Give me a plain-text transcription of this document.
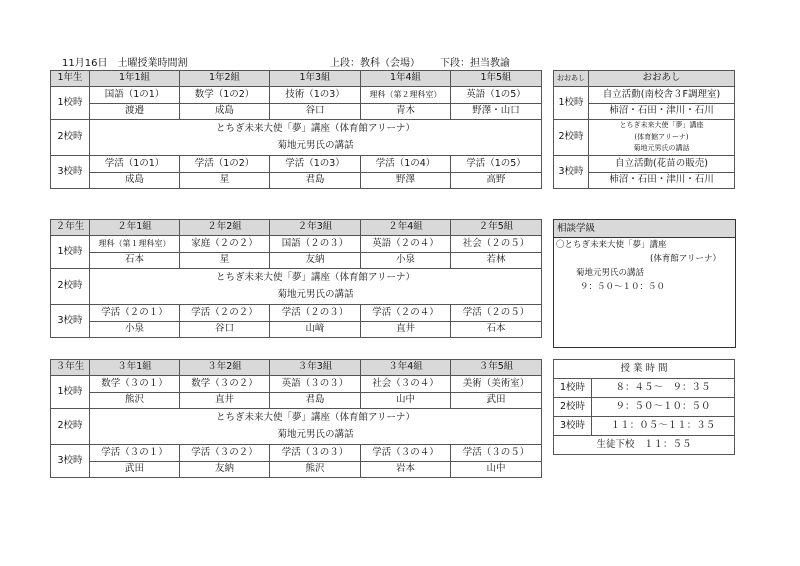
11月16日　土曜授業時間割	上段：教科（会場） 下段：担当教諭
1年生	1年1組	1年2組	1年3組	1年4組	1年5組
1校時	国語（1の1）	数学（1の2）	技術（1の3）	理科（第２理科室）	英語（1の5）
	渡邉	成島	谷口	青木	野澤・山口
2校時	とちぎ未来大使「夢」講座（体育館アリーナ）				
	菊地元男氏の講話				
3校時	学活（1の1）	学活（1の2）	学活（1の3）	学活（1の4）	学活（1の5）
	成島	星	君島	野澤	高野
おおあし	おおあし
1校時	自立活動(南校舎３F調理室)
	柿沼・石田・津川・石川
2校時	とちぎ未来大使「夢」講座
	(体育館アリーナ)
	菊地元男氏の講話
3校時	自立活動(花苗の販売)
	柿沼・石田・津川・石川
２年生	２年1組	２年2組	２年3組	２年4組	２年5組
1校時	理科（第１理科室）	家庭（２の２）	国語（２の３）	英語（２の４）	社会（２の５）
	石本	星	友納	小泉	若林
2校時	とちぎ未来大使「夢」講座（体育館アリーナ）				
	菊地元男氏の講話				
3校時	学活（２の１）	学活（２の２）	学活（２の３）	学活（２の４）	学活（２の５）
	小泉	谷口	山﨑	直井	石本
相談学級
〇とちぎ未来大使「夢」講座
(体育館アリーナ）
菊地元男氏の講話
９：５０〜１０：５０
３年生	３年1組	３年2組	３年3組	３年4組	３年5組
1校時	数学（３の１）	数学（３の２）	英語（３の３）	社会（３の４）	美術（美術室）
	熊沢	直井	君島	山中	武田
2校時	とちぎ未来大使「夢」講座（体育館アリーナ）				
	菊地元男氏の講話				
3校時	学活（３の１）	学活（３の２）	学活（３の３）	学活（３の４）	学活（３の５）
	武田	友納	熊沢	岩本	山中
授 業 時 間	
1校時	８：４５〜　９：３５
2校時	９：５０〜１０：５０
3校時	１１：０５〜１１：３５
生徒下校　１１：５５	
